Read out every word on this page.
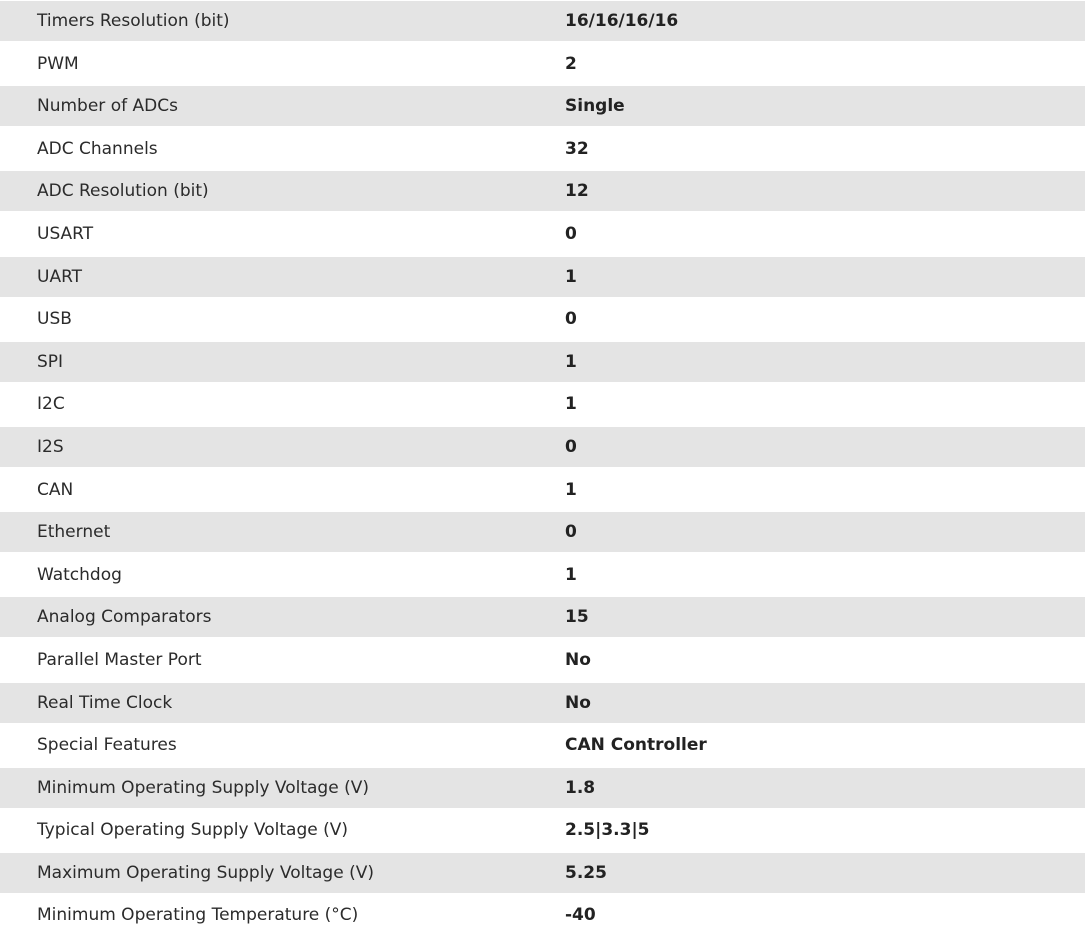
Timers Resolution (bit)	16/16/16/16
PWM	2
Number of ADCs	Single
ADC Channels	32
ADC Resolution (bit)	12
USART	0
UART	1
USB	0
SPI	1
I2C	1
I2S	0
CAN	1
Ethernet	0
Watchdog	1
Analog Comparators	15
Parallel Master Port	No
Real Time Clock	No
Special Features	CAN Controller
Minimum Operating Supply Voltage (V)	1.8
Typical Operating Supply Voltage (V)	2.5|3.3|5
Maximum Operating Supply Voltage (V)	5.25
Minimum Operating Temperature (°C)	-40
